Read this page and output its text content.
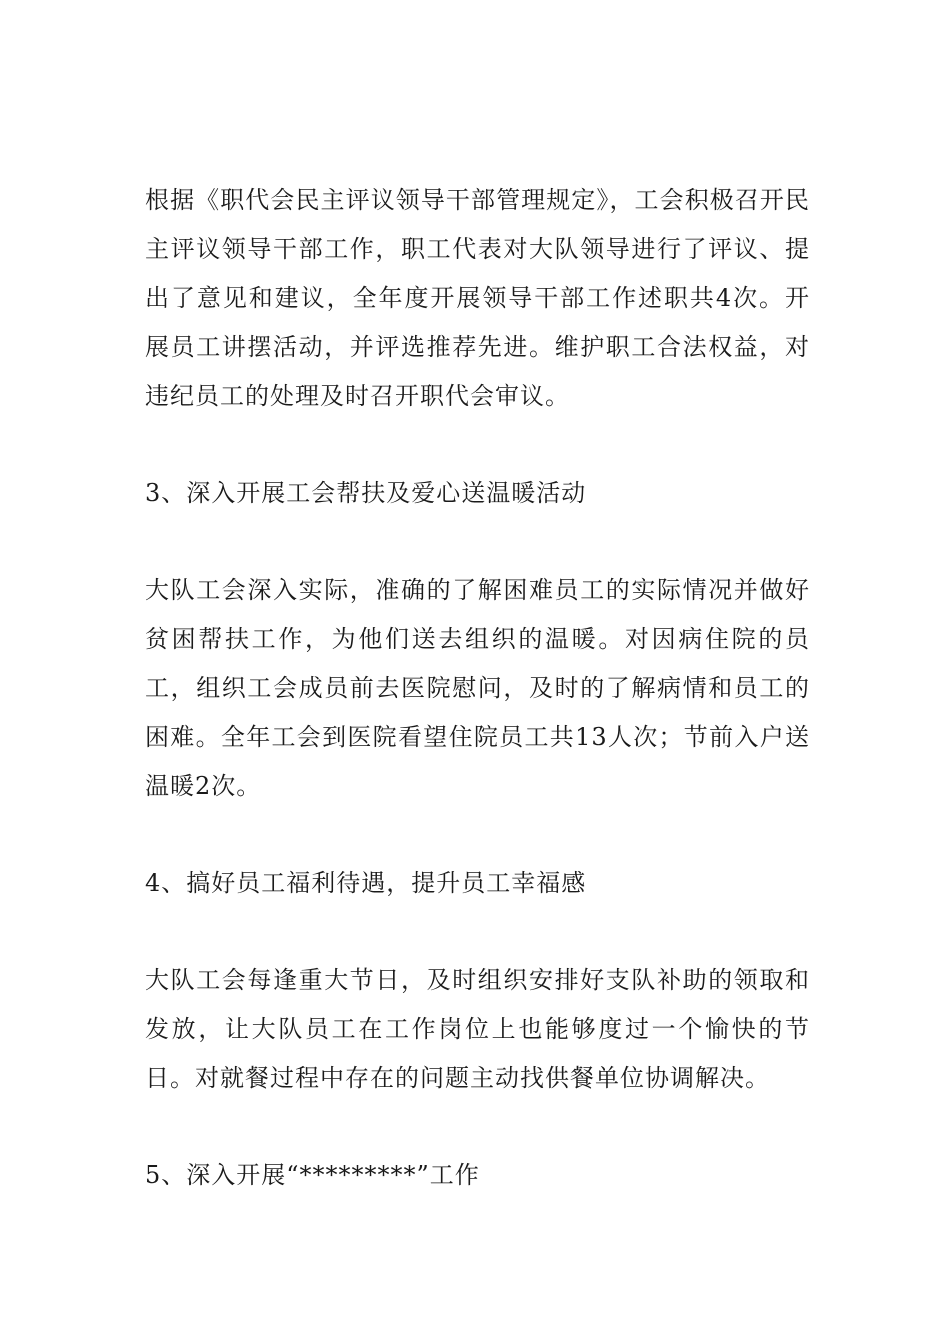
根据《职代会民主评议领导干部管理规定》，工会积极召开民主评议领导干部工作，职工代表对大队领导进行了评议、提出了意见和建议，全年度开展领导干部工作述职共4次。开展员工讲摆活动，并评选推荐先进。维护职工合法权益，对违纪员工的处理及时召开职代会审议。

3、深入开展工会帮扶及爱心送温暖活动

大队工会深入实际，准确的了解困难员工的实际情况并做好贫困帮扶工作，为他们送去组织的温暖。对因病住院的员工，组织工会成员前去医院慰问，及时的了解病情和员工的困难。全年工会到医院看望住院员工共13人次；节前入户送温暖2次。

4、搞好员工福利待遇，提升员工幸福感

大队工会每逢重大节日，及时组织安排好支队补助的领取和发放，让大队员工在工作岗位上也能够度过一个愉快的节日。对就餐过程中存在的问题主动找供餐单位协调解决。

5、深入开展“*********”工作
